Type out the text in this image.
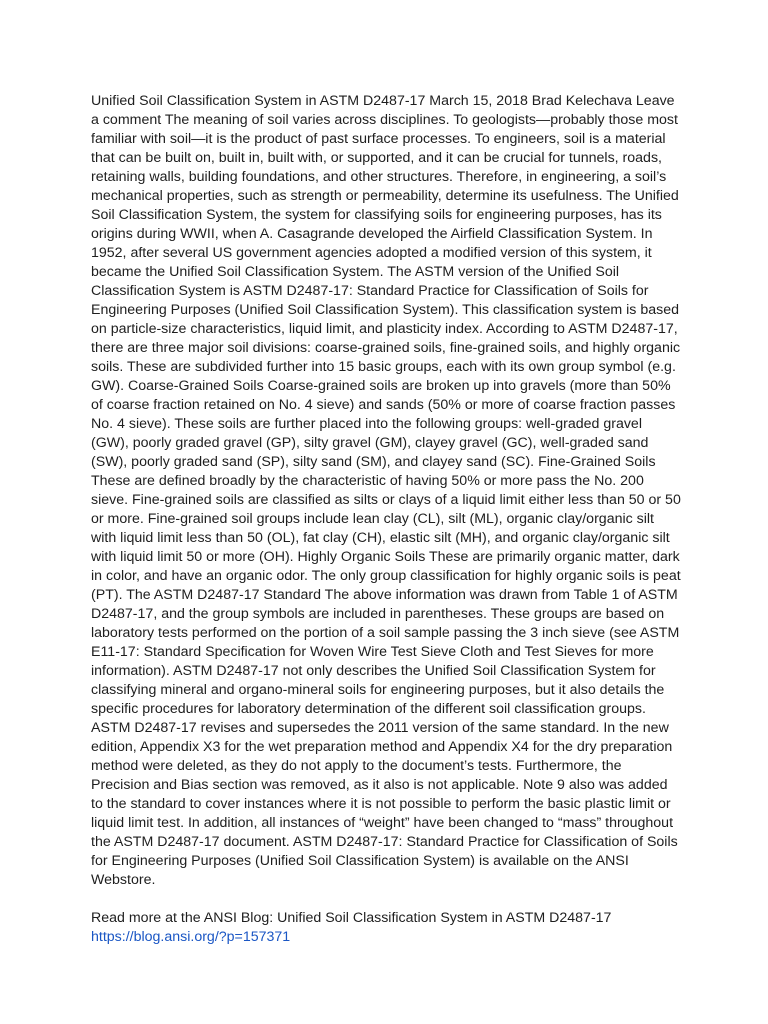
Unified Soil Classification System in ASTM D2487-17 March 15, 2018 Brad Kelechava Leave a comment The meaning of soil varies across disciplines. To geologists—probably those most familiar with soil—it is the product of past surface processes. To engineers, soil is a material that can be built on, built in, built with, or supported, and it can be crucial for tunnels, roads, retaining walls, building foundations, and other structures. Therefore, in engineering, a soil’s mechanical properties, such as strength or permeability, determine its usefulness. The Unified Soil Classification System, the system for classifying soils for engineering purposes, has its origins during WWII, when A. Casagrande developed the Airfield Classification System. In 1952, after several US government agencies adopted a modified version of this system, it became the Unified Soil Classification System. The ASTM version of the Unified Soil Classification System is ASTM D2487-17: Standard Practice for Classification of Soils for Engineering Purposes (Unified Soil Classification System). This classification system is based on particle-size characteristics, liquid limit, and plasticity index. According to ASTM D2487-17, there are three major soil divisions: coarse-grained soils, fine-grained soils, and highly organic soils. These are subdivided further into 15 basic groups, each with its own group symbol (e.g. GW). Coarse-Grained Soils Coarse-grained soils are broken up into gravels (more than 50% of coarse fraction retained on No. 4 sieve) and sands (50% or more of coarse fraction passes No. 4 sieve). These soils are further placed into the following groups: well-graded gravel (GW), poorly graded gravel (GP), silty gravel (GM), clayey gravel (GC), well-graded sand (SW), poorly graded sand (SP), silty sand (SM), and clayey sand (SC). Fine-Grained Soils These are defined broadly by the characteristic of having 50% or more pass the No. 200 sieve. Fine-grained soils are classified as silts or clays of a liquid limit either less than 50 or 50 or more. Fine-grained soil groups include lean clay (CL), silt (ML), organic clay/organic silt with liquid limit less than 50 (OL), fat clay (CH), elastic silt (MH), and organic clay/organic silt with liquid limit 50 or more (OH). Highly Organic Soils These are primarily organic matter, dark in color, and have an organic odor. The only group classification for highly organic soils is peat (PT). The ASTM D2487-17 Standard The above information was drawn from Table 1 of ASTM D2487-17, and the group symbols are included in parentheses. These groups are based on laboratory tests performed on the portion of a soil sample passing the 3 inch sieve (see ASTM E11-17: Standard Specification for Woven Wire Test Sieve Cloth and Test Sieves for more information). ASTM D2487-17 not only describes the Unified Soil Classification System for classifying mineral and organo-mineral soils for engineering purposes, but it also details the specific procedures for laboratory determination of the different soil classification groups. ASTM D2487-17 revises and supersedes the 2011 version of the same standard. In the new edition, Appendix X3 for the wet preparation method and Appendix X4 for the dry preparation method were deleted, as they do not apply to the document’s tests. Furthermore, the Precision and Bias section was removed, as it also is not applicable. Note 9 also was added to the standard to cover instances where it is not possible to perform the basic plastic limit or liquid limit test. In addition, all instances of “weight” have been changed to “mass” throughout the ASTM D2487-17 document. ASTM D2487-17: Standard Practice for Classification of Soils for Engineering Purposes (Unified Soil Classification System) is available on the ANSI Webstore.

Read more at the ANSI Blog: Unified Soil Classification System in ASTM D2487-17 https://blog.ansi.org/?p=157371
